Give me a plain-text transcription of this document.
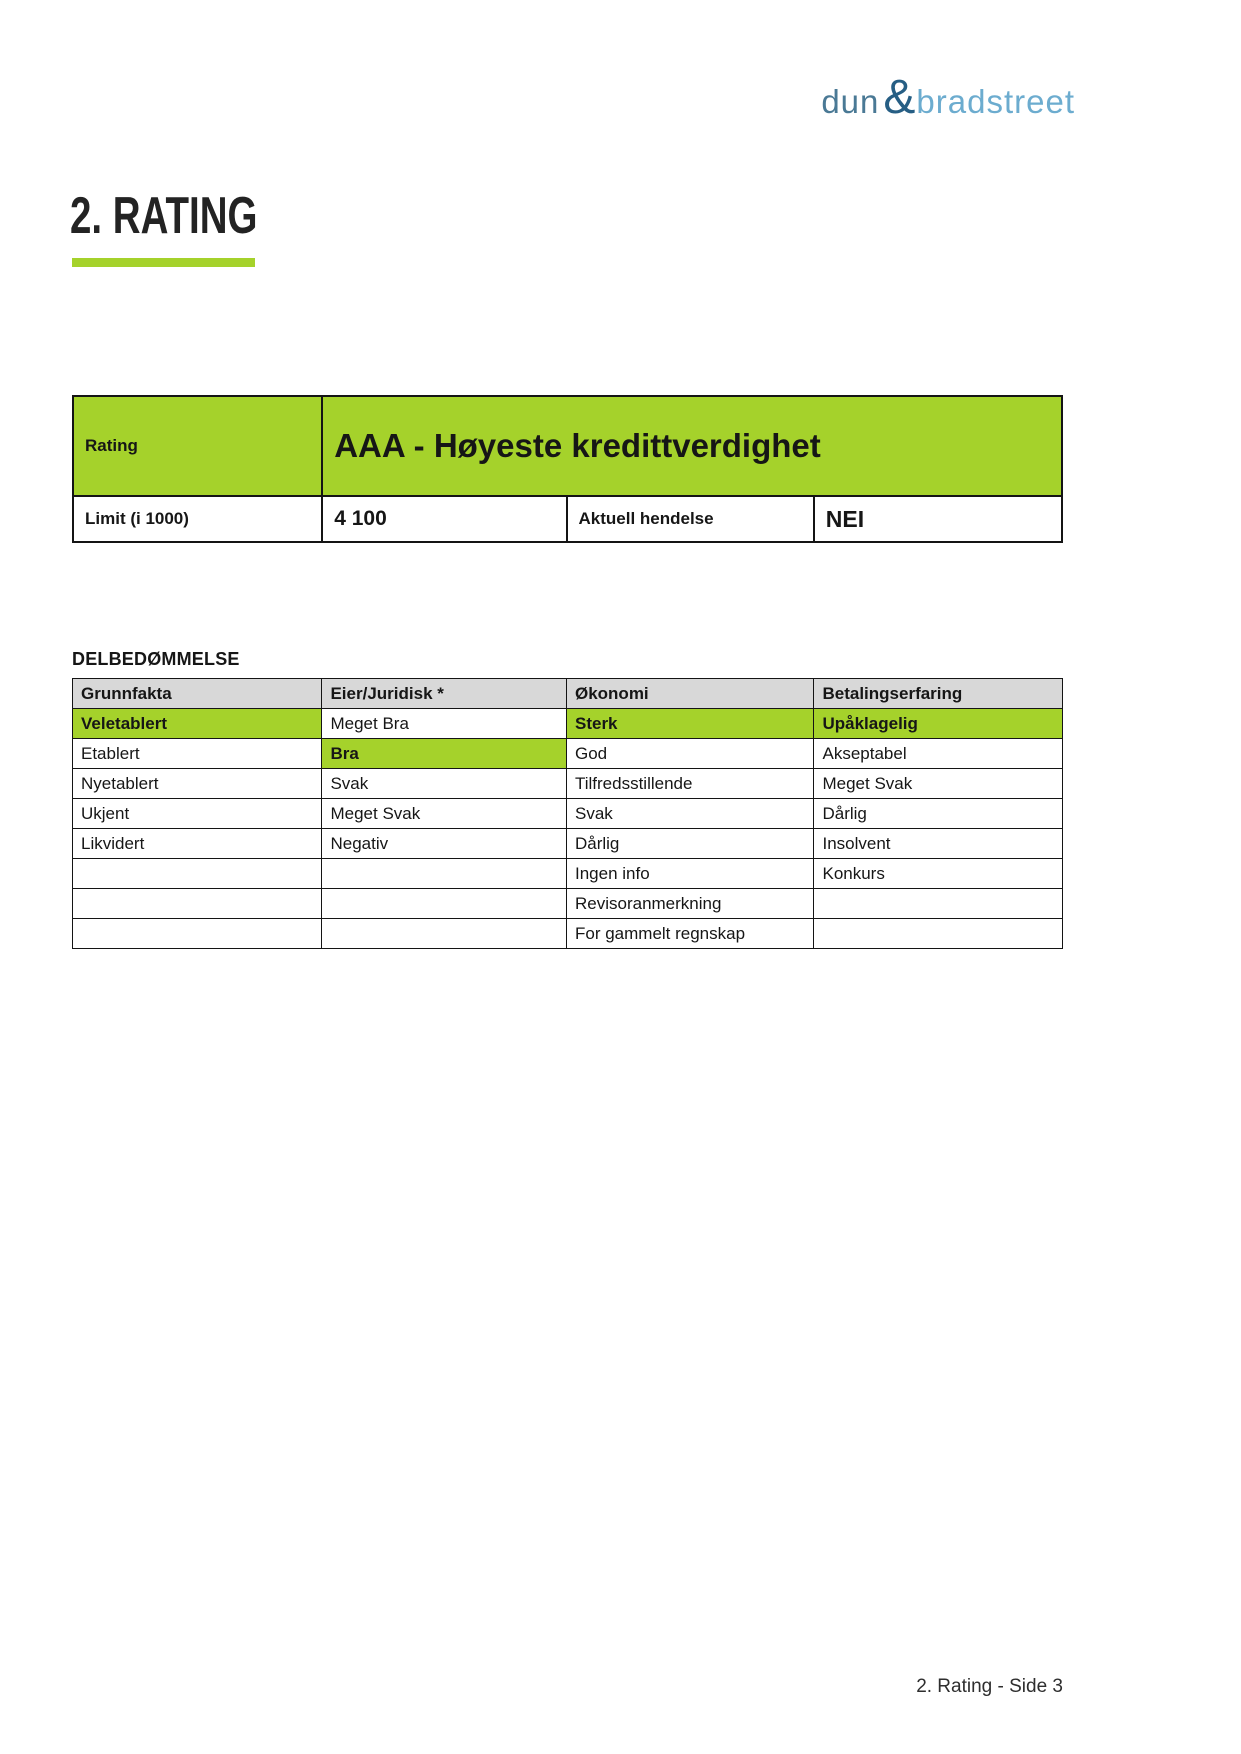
dun & bradstreet
2. RATING
Rating	AAA - Høyeste kredittverdighet		
Limit (i 1000)	4 100	Aktuell hendelse	NEI
DELBEDØMMELSE
Grunnfakta	Eier/Juridisk *	Økonomi	Betalingserfaring
Veletablert	Meget Bra	Sterk	Upåklagelig
Etablert	Bra	God	Akseptabel
Nyetablert	Svak	Tilfredsstillende	Meget Svak
Ukjent	Meget Svak	Svak	Dårlig
Likvidert	Negativ	Dårlig	Insolvent
		Ingen info	Konkurs
		Revisoranmerkning	
		For gammelt regnskap	
2. Rating - Side 3
